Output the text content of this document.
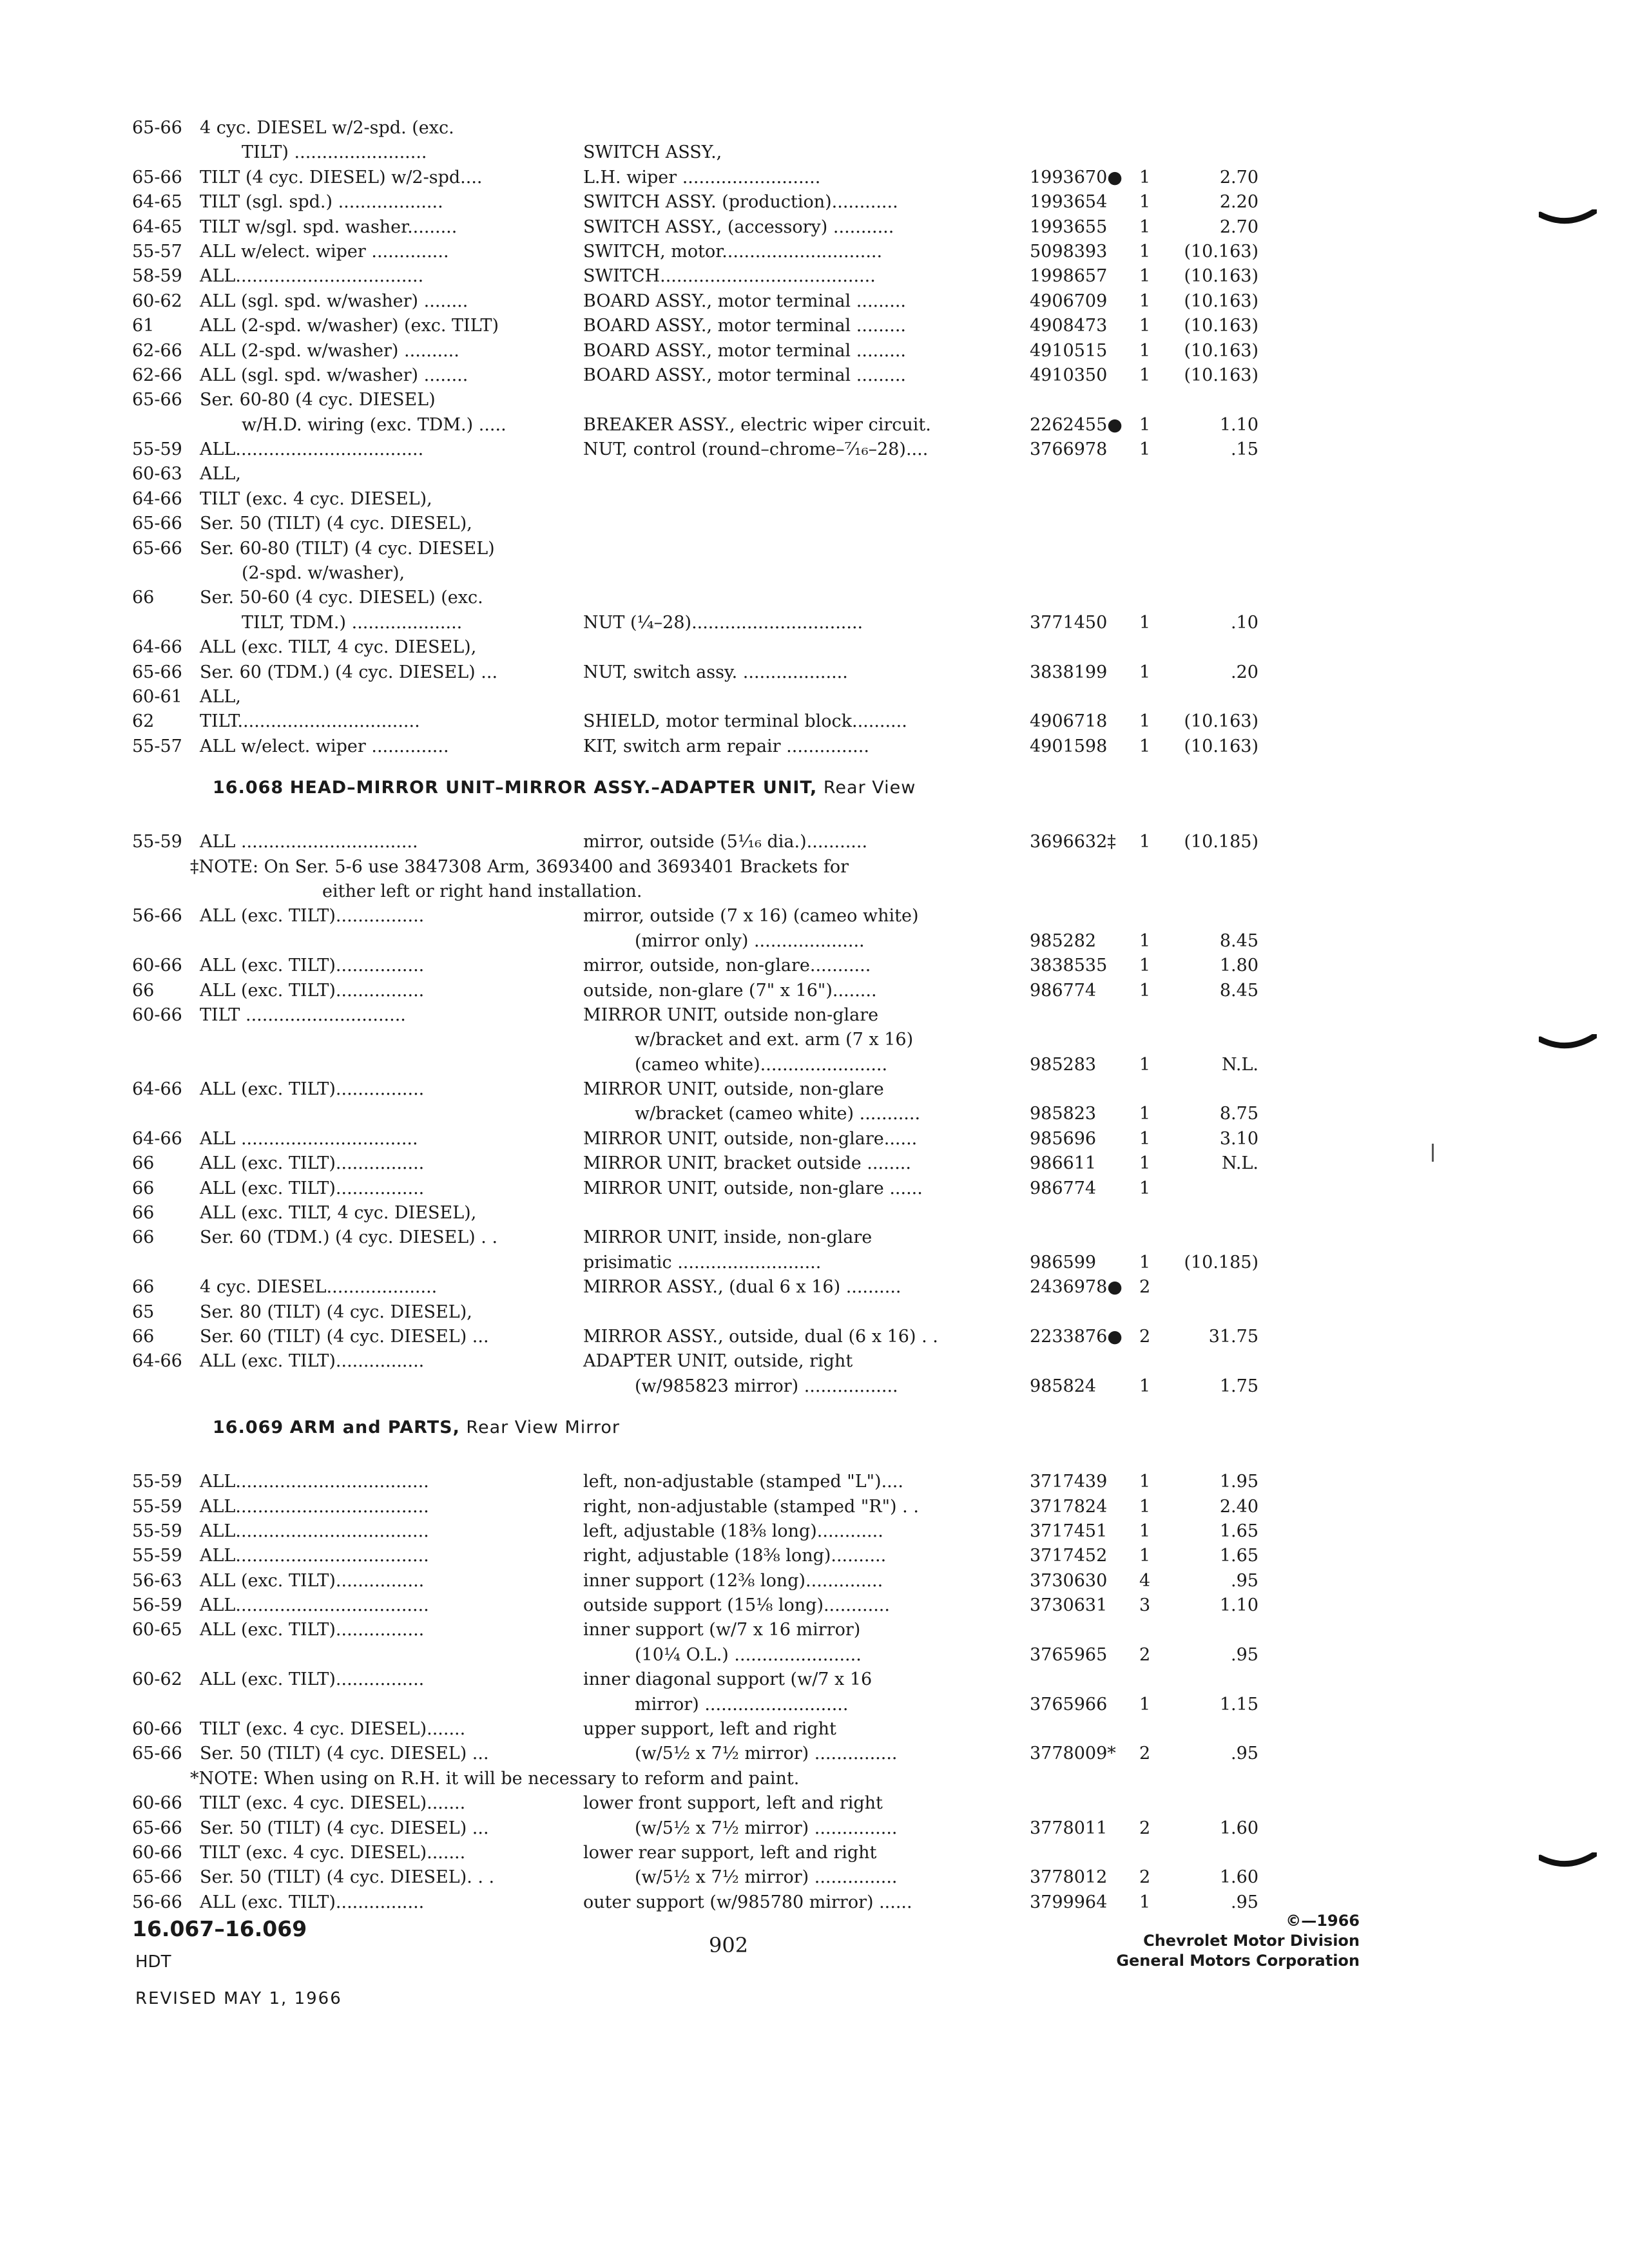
65-66 4 cyc. DIESEL w/2-spd. (exc.
TILT) ........................	SWITCH ASSY.,
65-66 TILT (4 cyc. DIESEL) w/2-spd....	L.H. wiper .........................	1993670● 1	2.70
64-65 TILT (sgl. spd.) ...................	SWITCH ASSY. (production)............	1993654 1	2.20
64-65 TILT w/sgl. spd. washer.........	SWITCH ASSY., (accessory) ...........	1993655 1	2.70
55-57 ALL w/elect. wiper ..............	SWITCH, motor.............................	5098393 1 (10.163)
58-59 ALL..................................	SWITCH.......................................	1998657 1 (10.163)
60-62 ALL (sgl. spd. w/washer) ........	BOARD ASSY., motor terminal .........	4906709 1 (10.163)
61	ALL (2-spd. w/washer) (exc. TILT)	BOARD ASSY., motor terminal .........	4908473 1 (10.163)
62-66 ALL (2-spd. w/washer) ..........	BOARD ASSY., motor terminal .........	4910515 1 (10.163)
62-66 ALL (sgl. spd. w/washer) ........	BOARD ASSY., motor terminal .........	4910350 1 (10.163)
65-66 Ser. 60-80 (4 cyc. DIESEL)
w/H.D. wiring (exc. TDM.) .....	BREAKER ASSY., electric wiper circuit.	2262455● 1	1.10
55-59 ALL..................................	NUT, control (round–chrome–⁷⁄₁₆–28)....	3766978 1	.15
60-63 ALL,
64-66 TILT (exc. 4 cyc. DIESEL),
65-66 Ser. 50 (TILT) (4 cyc. DIESEL),
65-66 Ser. 60-80 (TILT) (4 cyc. DIESEL)
(2-spd. w/washer),
66	Ser. 50-60 (4 cyc. DIESEL) (exc.
TILT, TDM.) ....................	NUT (¼–28)...............................	3771450 1	.10
64-66 ALL (exc. TILT, 4 cyc. DIESEL),
65-66 Ser. 60 (TDM.) (4 cyc. DIESEL) ...	NUT, switch assy. ...................	3838199 1	.20
60-61 ALL,
62	TILT.................................	SHIELD, motor terminal block..........	4906718 1 (10.163)
55-57 ALL w/elect. wiper ..............	KIT, switch arm repair ...............	4901598 1 (10.163)
16.068 HEAD–MIRROR UNIT–MIRROR ASSY.–ADAPTER UNIT, Rear View
55-59 ALL ................................	mirror, outside (5¹⁄₁₆ dia.)...........	3696632‡ 1 (10.185)
‡NOTE: On Ser. 5-6 use 3847308 Arm, 3693400 and 3693401 Brackets for
either left or right hand installation.
56-66 ALL (exc. TILT)................	mirror, outside (7 x 16) (cameo white)
(mirror only) ....................	985282 1	8.45
60-66 ALL (exc. TILT)................	mirror, outside, non-glare...........	3838535 1	1.80
66	ALL (exc. TILT)................	outside, non-glare (7" x 16")........	986774 1	8.45
60-66 TILT .............................	MIRROR UNIT, outside non-glare
w/bracket and ext. arm (7 x 16)
(cameo white).......................	985283 1	N.L.
64-66 ALL (exc. TILT)................	MIRROR UNIT, outside, non-glare
w/bracket (cameo white) ...........	985823 1	8.75
64-66 ALL ................................	MIRROR UNIT, outside, non-glare......	985696 1	3.10
66	ALL (exc. TILT)................	MIRROR UNIT, bracket outside ........	986611 1	N.L.
66	ALL (exc. TILT)................	MIRROR UNIT, outside, non-glare ......	986774 1
66	ALL (exc. TILT, 4 cyc. DIESEL),
66	Ser. 60 (TDM.) (4 cyc. DIESEL) . .	MIRROR UNIT, inside, non-glare
prisimatic ..........................	986599 1 (10.185)
66	4 cyc. DIESEL....................	MIRROR ASSY., (dual 6 x 16) ..........	2436978● 2
65	Ser. 80 (TILT) (4 cyc. DIESEL),
66	Ser. 60 (TILT) (4 cyc. DIESEL) ...	MIRROR ASSY., outside, dual (6 x 16) . .	2233876● 2	31.75
64-66 ALL (exc. TILT)................	ADAPTER UNIT, outside, right
(w/985823 mirror) .................	985824 1	1.75
16.069 ARM and PARTS, Rear View Mirror
55-59 ALL...................................	left, non-adjustable (stamped "L")....	3717439 1	1.95
55-59 ALL...................................	right, non-adjustable (stamped "R") . .	3717824 1	2.40
55-59 ALL...................................	left, adjustable (18⅜ long)............	3717451 1	1.65
55-59 ALL...................................	right, adjustable (18⅜ long)..........	3717452 1	1.65
56-63 ALL (exc. TILT)................	inner support (12⅜ long)..............	3730630 4	.95
56-59 ALL...................................	outside support (15⅛ long)............	3730631 3	1.10
60-65 ALL (exc. TILT)................	inner support (w/7 x 16 mirror)
(10¼ O.L.) .......................	3765965 2	.95
60-62 ALL (exc. TILT)................	inner diagonal support (w/7 x 16
mirror) ..........................	3765966 1	1.15
60-66 TILT (exc. 4 cyc. DIESEL).......	upper support, left and right
65-66 Ser. 50 (TILT) (4 cyc. DIESEL) ...	(w/5½ x 7½ mirror) ...............	3778009* 2	.95
*NOTE: When using on R.H. it will be necessary to reform and paint.
60-66 TILT (exc. 4 cyc. DIESEL).......	lower front support, left and right
65-66 Ser. 50 (TILT) (4 cyc. DIESEL) ...	(w/5½ x 7½ mirror) ...............	3778011 2	1.60
60-66 TILT (exc. 4 cyc. DIESEL).......	lower rear support, left and right
65-66 Ser. 50 (TILT) (4 cyc. DIESEL). . .	(w/5½ x 7½ mirror) ...............	3778012 2	1.60
56-66 ALL (exc. TILT)................	outer support (w/985780 mirror) ......	3799964 1	.95
16.067–16.069
902
HDT
REVISED MAY 1, 1966
©—1966
Chevrolet Motor Division
General Motors Corporation
